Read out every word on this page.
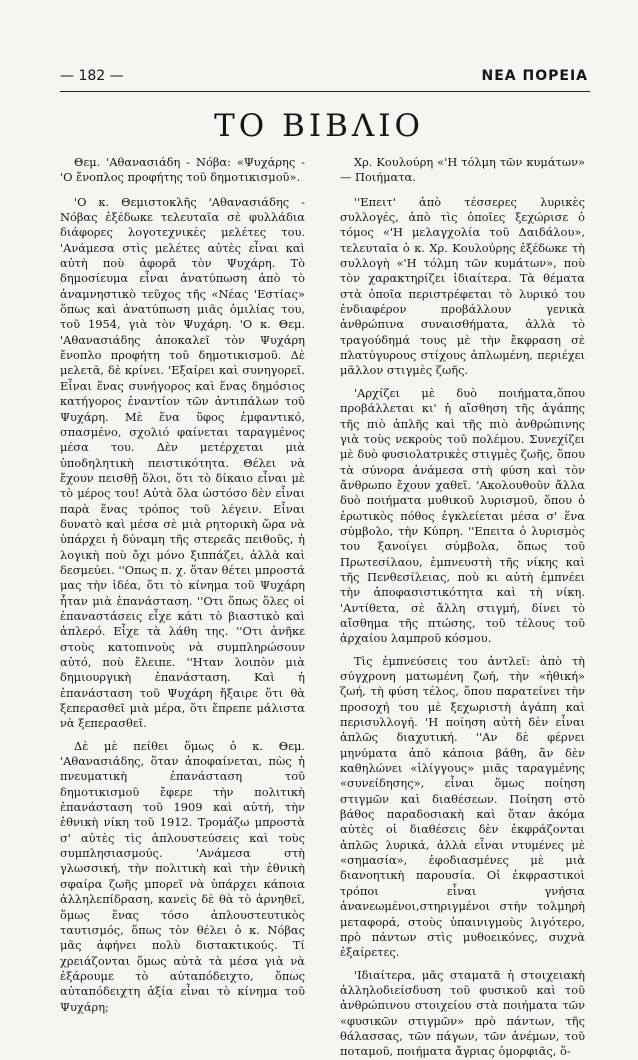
— 182 —	ΝΕΑ ΠΟΡΕΙΑ
ΤΟ ΒΙΒΛΙΟ

Θεμ. 'Αθανασιάδη - Νόβα: «Ψυχάρης - 'Ο ἔνοπλος προφήτης τοῦ δημοτικισμοῦ».

'Ο κ. Θεμιστοκλῆς 'Αθανασιάδης - Νόβας ἐξέδωκε τελευταῖα σὲ φυλλάδια διάφορες λογοτεχνικὲς μελέτες του. 'Ανάμεσα στὶς μελέτες αὐτὲς εἶναι καὶ αὐτὴ ποὺ ἀφορᾶ τὸν Ψυχάρη. Τὸ δημοσίευμα εἶναι ἀνατύπωση ἀπὸ τὸ ἀναμνηστικὸ τεῦχος τῆς «Νέας 'Εστίας» ὅπως καὶ ἀνατύπωση μιᾶς ὁμιλίας του, τοῦ 1954, γιὰ τὸν Ψυχάρη. 'Ο κ. Θεμ. 'Αθανασιάδης ἀποκαλεῖ τὸν Ψυχάρη ἔνοπλο προφήτη τοῦ δημοτικισμοῦ. Δὲ μελετᾶ, δὲ κρίνει. 'Εξαίρει καὶ συνηγορεῖ. Εἶναι ἕνας συνήγορος καὶ ἕνας δημόσιος κατήγορος ἐναντίον τῶν ἀντιπάλων τοῦ Ψυχάρη. Μὲ ἕνα ὕφος ἐμφαντικό, σπασμένο, σχολιό φαίνεται ταραγμένος μέσα του. Δὲν μετέρχεται μιὰ ὑποδηλητικὴ πειστικότητα. Θέλει νὰ ἔχουν πεισθῇ ὅλοι, ὅτι τὸ δίκαιο εἶναι μὲ τὸ μέρος του! Αὐτὰ ὅλα ὡστόσο δὲν εἶναι παρὰ ἕνας τρόπος τοῦ λέγειν. Εἶναι δυνατὸ καὶ μέσα σὲ μιὰ ρητορικὴ ὥρα νὰ ὑπάρχει ἡ δύναμη τῆς στερεᾶς πειθοῦς, ἡ λογικὴ ποὺ ὄχι μόνο ξιππάζει, ἀλλὰ καὶ δεσμεύει. ''Οπως π. χ. ὅταν θέτει μπροστά μας τὴν ἰδέα, ὅτι τὸ κίνημα τοῦ Ψυχάρη ἦταν μιὰ ἐπανάσταση. ''Οτι ὅπως ὅλες οἱ ἐπαναστάσεις εἶχε κάτι τὸ βιαστικὸ καὶ ἁπλερό. Εἶχε τὰ λάθη της. ''Οτι ἀνῆκε στοὺς κατοπινοὺς νὰ συμπληρώσουν αὐτό, ποὺ ἔλειπε. ''Ηταν λοιπὸν μιὰ δημιουργικὴ ἐπανάσταση. Καὶ ἡ ἐπανάσταση τοῦ Ψυχάρη ἤξαιρε ὅτι θὰ ξεπερασθεῖ μιὰ μέρα, ὅτι ἔπρεπε μάλιστα νὰ ξεπερασθεῖ.

Δὲ μὲ πείθει ὅμως ὁ κ. Θεμ. 'Αθανασιάδης, ὅταν ἀποφαίνεται, πὼς ἡ πνευματικὴ ἐπανάσταση τοῦ δημοτικισμοῦ ἔφερε τὴν πολιτικὴ ἐπανάσταση τοῦ 1909 καὶ αὐτή, τὴν ἐθνικὴ νίκη τοῦ 1912. Τρομάζω μπροστὰ σ' αὐτὲς τὶς ἁπλουστεύσεις καὶ τοὺς συμπλησιασμούς. 'Ανάμεσα στὴ γλωσσική, τὴν πολιτικὴ καὶ τὴν ἐθνικὴ σφαίρα ζωῆς μπορεῖ νὰ ὑπάρχει κάποια ἀλληλεπίδραση, κανεὶς δὲ θὰ τὸ ἀρνηθεῖ, ὅμως ἕνας τόσο ἁπλουστευτικὸς ταυτισμός, ὅπως τὸν θέλει ὁ κ. Νόβας μᾶς ἀφήνει πολὺ διστακτικούς. Τί χρειάζονται ὅμως αὐτὰ τὰ μέσα γιὰ νὰ ἐξάρουμε τὸ αὐταπόδειχτο, ὅπως αὐταπόδειχτη ἀξία εἶναι τὸ κίνημα τοῦ Ψυχάρη;

Χρ. Κουλούρη «'Η τόλμη τῶν κυμάτων» — Ποιήματα.

''Επειτ' ἀπὸ τέσσερες λυρικὲς συλλογές, ἀπὸ τὶς ὁποῖες ξεχώρισε ὁ τόμος «'Η μελαγχολία τοῦ Δαιδάλου», τελευταῖα ὁ κ. Χρ. Κουλούρης ἐξέδωκε τὴ συλλογὴ «'Η τόλμη τῶν κυμάτων», ποὺ τὸν χαρακτηρίζει ἰδιαίτερα. Τὰ θέματα στὰ ὁποῖα περιστρέφεται τὸ λυρικό του ἐνδιαφέρον προβάλλουν γενικὰ ἀνθρώπινα συναισθήματα, ἀλλὰ τὸ τραγούδημά τους μὲ τὴν ἔκφραση σὲ πλατύγυρους στίχους ἁπλωμένη, περιέχει μᾶλλον στιγμὲς ζωῆς.

'Αρχίζει μὲ δυὸ ποιήματα,ὅπου προβάλλεται κι' ἡ αἴσθηση τῆς ἀγάπης τῆς πιὸ ἁπλῆς καὶ τῆς πιὸ ἀνθρώπινης γιὰ τοὺς νεκροὺς τοῦ πολέμου. Συνεχίζει μὲ δυὸ φυσιολατρικὲς στιγμὲς ζωῆς, ὅπου τὰ σύνορα ἀνάμεσα στὴ φύση καὶ τὸν ἄνθρωπο ἔχουν χαθεῖ. 'Ακολουθοῦν ἄλλα δυὸ ποιήματα μυθικοῦ λυρισμοῦ, ὅπου ὁ ἐρωτικὸς πόθος ἐγκλείεται μέσα σ' ἕνα σύμβολο, τὴν Κύπρη. ''Επειτα ὁ λυρισμὸς του ξανοίγει σύμβολα, ὅπως τοῦ Πρωτεσίλαου, ἐμπνευστὴ τῆς νίκης καὶ τῆς Πενθεσίλειας, ποὺ κι αὐτὴ ἐμπνέει τὴν ἀποφασιστικότητα καὶ τὴ νίκη. 'Αντίθετα, σὲ ἄλλη στιγμή, δίνει τὸ αἴσθημα τῆς πτώσης, τοῦ τέλους τοῦ ἀρχαίου λαμπροῦ κόσμου.

Τὶς ἐμπνεύσεις του ἀντλεῖ: ἀπὸ τὴ σύγχρονη ματωμένη ζωή, τὴν «ἠθική» ζωή, τὴ φύση τέλος, ὅπου παρατείνει τὴν προσοχή του μὲ ξεχωριστὴ ἀγάπη καὶ περισυλλογή. 'Η ποίηση αὐτὴ δὲν εἶναι ἁπλῶς διαχυτική. ''Αν δὲ φέρνει μηνύματα ἀπὸ κάποια βάθη, ἂν δὲν καθηλώνει «ἰλίγγους» μιᾶς ταραγμένης «συνείδησης», εἶναι ὅμως ποίηση στιγμῶν καὶ διαθέσεων. Ποίηση στὸ βάθος παραδοσιακὴ καὶ ὅταν ἀκόμα αὐτὲς οἱ διαθέσεις δὲν ἐκφράζονται ἁπλῶς λυρικά, ἀλλὰ εἶναι ντυμένες μὲ «σημασία», ἐφοδιασμένες μὲ μιὰ διανοητικὴ παρουσία. Οἱ ἐκφραστικοὶ τρόποι εἶναι γνήσια ἀνανεωμένοι,στηριγμένοι στὴν τολμηρὴ μεταφορά, στοὺς ὑπαινιγμοὺς λιγότερο, πρὸ πάντων στὶς μυθοεικόνες, συχνὰ ἐξαίρετες.

'Ιδιαίτερα, μᾶς σταματᾶ ἡ στοιχειακὴ ἀλληλοδιείσδυση τοῦ φυσικοῦ καὶ τοῦ ἀνθρώπινου στοιχείου στὰ ποιήματα τῶν «φυσικῶν στιγμῶν» πρὸ πάντων, τῆς θάλασσας, τῶν πάγων, τῶν ἀνέμων, τοῦ ποταμοῦ, ποιήματα ἄγριας ὁμορφιᾶς, ὅ-
